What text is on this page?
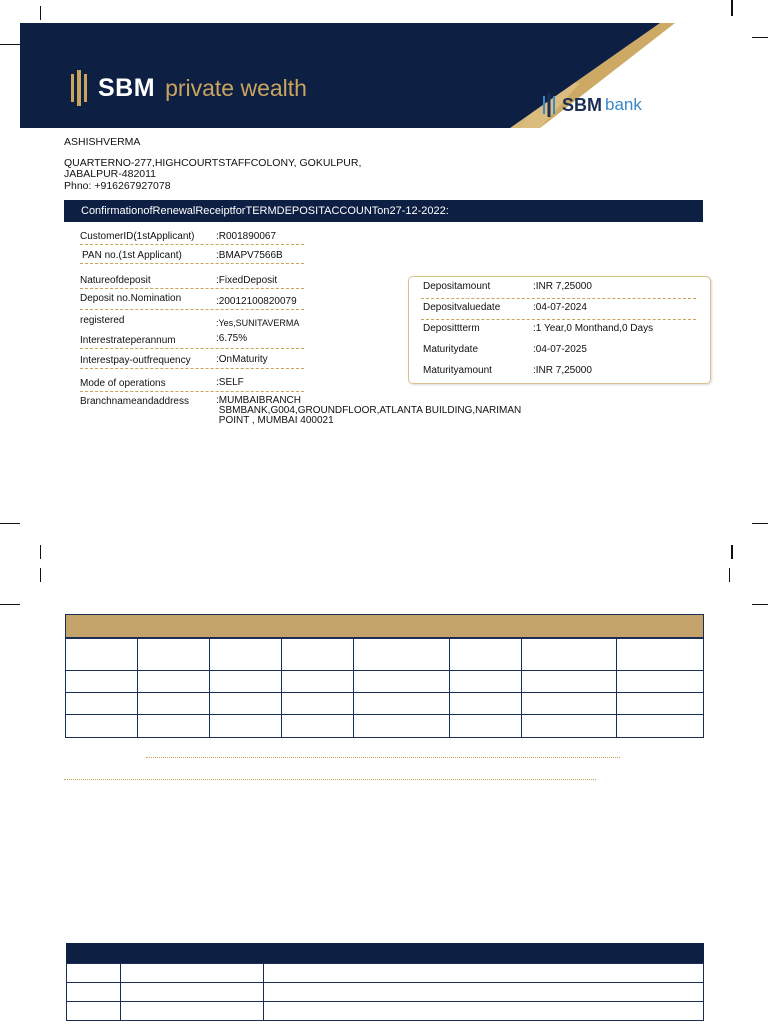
SBM private wealth
SBM bank
ASHISHVERMA
QUARTERNO-277,HIGHCOURTSTAFFCOLONY, GOKULPUR,
JABALPUR-482011
Phno: +916267927078
ConfirmationofRenewalReceiptforTERMDEPOSITACCOUNTon27-12-2022:
CustomerID(1stApplicant) :R001890067
PAN no.(1st Applicant)	:BMAPV7566B
Natureofdeposit	:FixedDeposit
Deposit no.Nomination	:20012100820079
registered	:Yes,SUNITAVERMA
Interestrateperannum	:6.75%
Interestpay-outfrequency	:OnMaturity
Mode of operations	:SELF
Branchnameandaddress	:MUMBAIBRANCH
SBMBANK,G004,GROUNDFLOOR,ATLANTA BUILDING,NARIMAN
POINT , MUMBAI 400021
Depositamount	:INR 7,25000
Depositvaluedate	:04-07-2024
Deposittterm	:1 Year,0 Monthand,0 Days
Maturitydate	:04-07-2025
Maturityamount	:INR 7,25000
